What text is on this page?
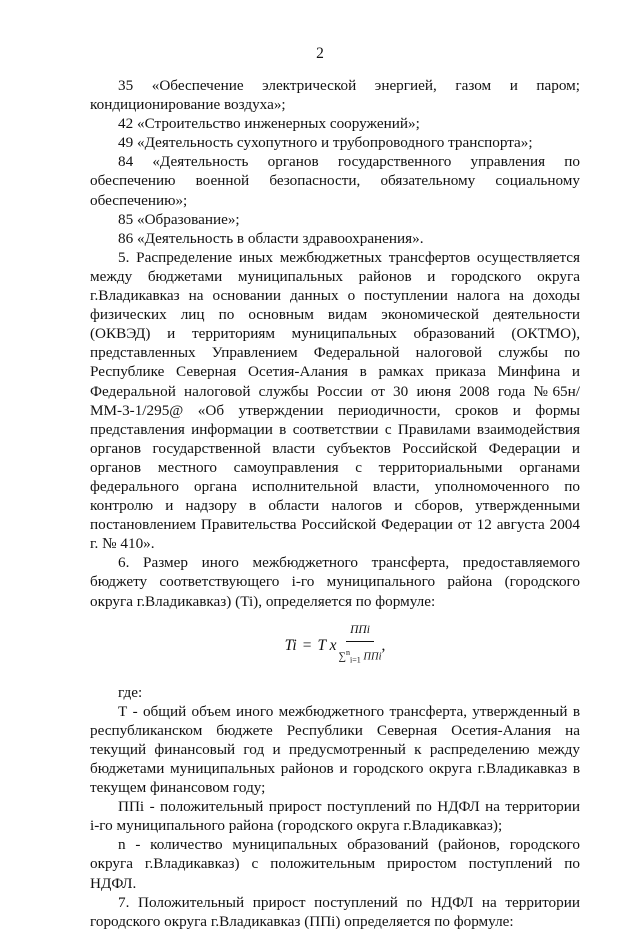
2

35 «Обеспечение электрической энергией, газом и паром; кондиционирование воздуха»;

42 «Строительство инженерных сооружений»;

49 «Деятельность сухопутного и трубопроводного транспорта»;

84 «Деятельность органов государственного управления по обеспечению военной безопасности, обязательному социальному обеспечению»;

85 «Образование»;

86 «Деятельность в области здравоохранения».

5. Распределение иных межбюджетных трансфертов осуществляется между бюджетами муниципальных районов и городского округа г.Владикавказ на основании данных о поступлении налога на доходы физических лиц по основным видам экономической деятельности (ОКВЭД) и территориям муниципальных образований (ОКТМО), представленных Управлением Федеральной налоговой службы по Республике Северная Осетия-Алания в рамках приказа Минфина и Федеральной налоговой службы России от 30 июня 2008 года №65н/ММ-3-1/295@ «Об утверждении периодичности, сроков и формы представления информации в соответствии с Правилами взаимодействия органов государственной власти субъектов Российской Федерации и органов местного самоуправления с территориальными органами федерального органа исполнительной власти, уполномоченного по контролю и надзору в области налогов и сборов, утвержденными постановлением Правительства Российской Федерации от 12 августа 2004 г. № 410».

6. Размер иного межбюджетного трансферта, предоставляемого бюджету соответствующего i-го муниципального района (городского округа г.Владикавказ) (Ti), определяется по формуле:

Ti = T x $\frac{\text{ППi}}{\sum^n_{i=1} ППi}$ ,

где:

Т - общий объем иного межбюджетного трансферта, утвержденный в республиканском бюджете Республики Северная Осетия-Алания на текущий финансовый год и предусмотренный к распределению между бюджетами муниципальных районов и городского округа г.Владикавказ в текущем финансовом году;

ППi - положительный прирост поступлений по НДФЛ на территории i-го муниципального района (городского округа г.Владикавказ);

n - количество муниципальных образований (районов, городского округа г.Владикавказ) с положительным приростом поступлений по НДФЛ.

7. Положительный прирост поступлений по НДФЛ на территории городского округа г.Владикавказ (ППi) определяется по формуле:
